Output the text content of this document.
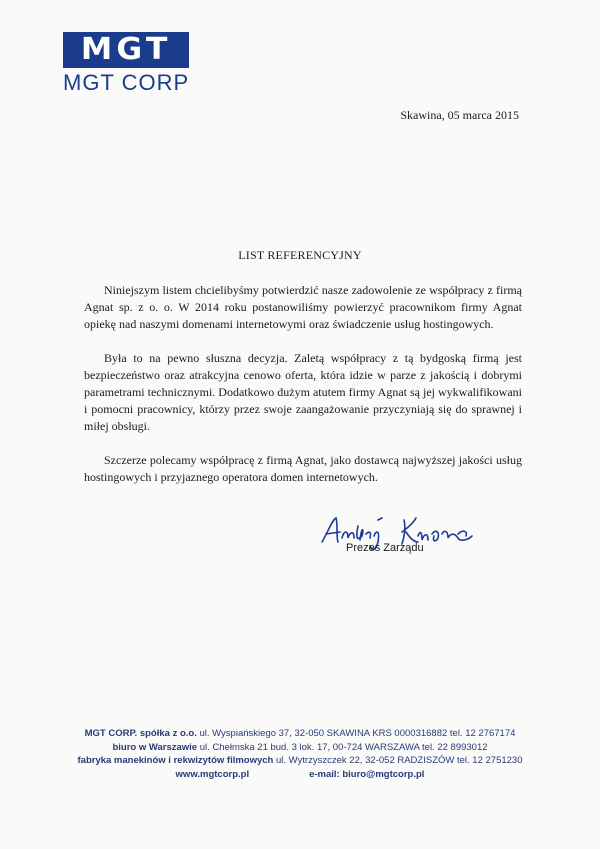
MGT
MGT CORP
Skawina, 05 marca 2015
LIST REFERENCYJNY

Niniejszym listem chcielibyśmy potwierdzić nasze zadowolenie ze współpracy z firmą Agnat sp. z o. o. W 2014 roku postanowiliśmy powierzyć pracownikom firmy Agnat opiekę nad naszymi domenami internetowymi oraz świadczenie usług hostingowych.

Była to na pewno słuszna decyzja. Zaletą współpracy z tą bydgoską firmą jest bezpieczeństwo oraz atrakcyjna cenowo oferta, która idzie w parze z jakością i dobrymi parametrami technicznymi. Dodatkowo dużym atutem firmy Agnat są jej wykwalifikowani i pomocni pracownicy, którzy przez swoje zaangażowanie przyczyniają się do sprawnej i miłej obsługi.

Szczerze polecamy współpracę z firmą Agnat, jako dostawcą najwyższej jakości usług hostingowych i przyjaznego operatora domen internetowych.

Prezes Zarządu
MGT CORP. spółka z o.o. ul. Wyspiańskiego 37, 32-050 SKAWINA KRS 0000316882 tel. 12 2767174
biuro w Warszawie ul. Chełmska 21 bud. 3 lok. 17, 00-724 WARSZAWA tel. 22 8993012
fabryka manekinów i rekwizytów filmowych ul. Wytrzyszczek 22, 32-052 RADZISZÓW tel. 12 2751230
www.mgtcorp.pl	e-mail: biuro@mgtcorp.pl
